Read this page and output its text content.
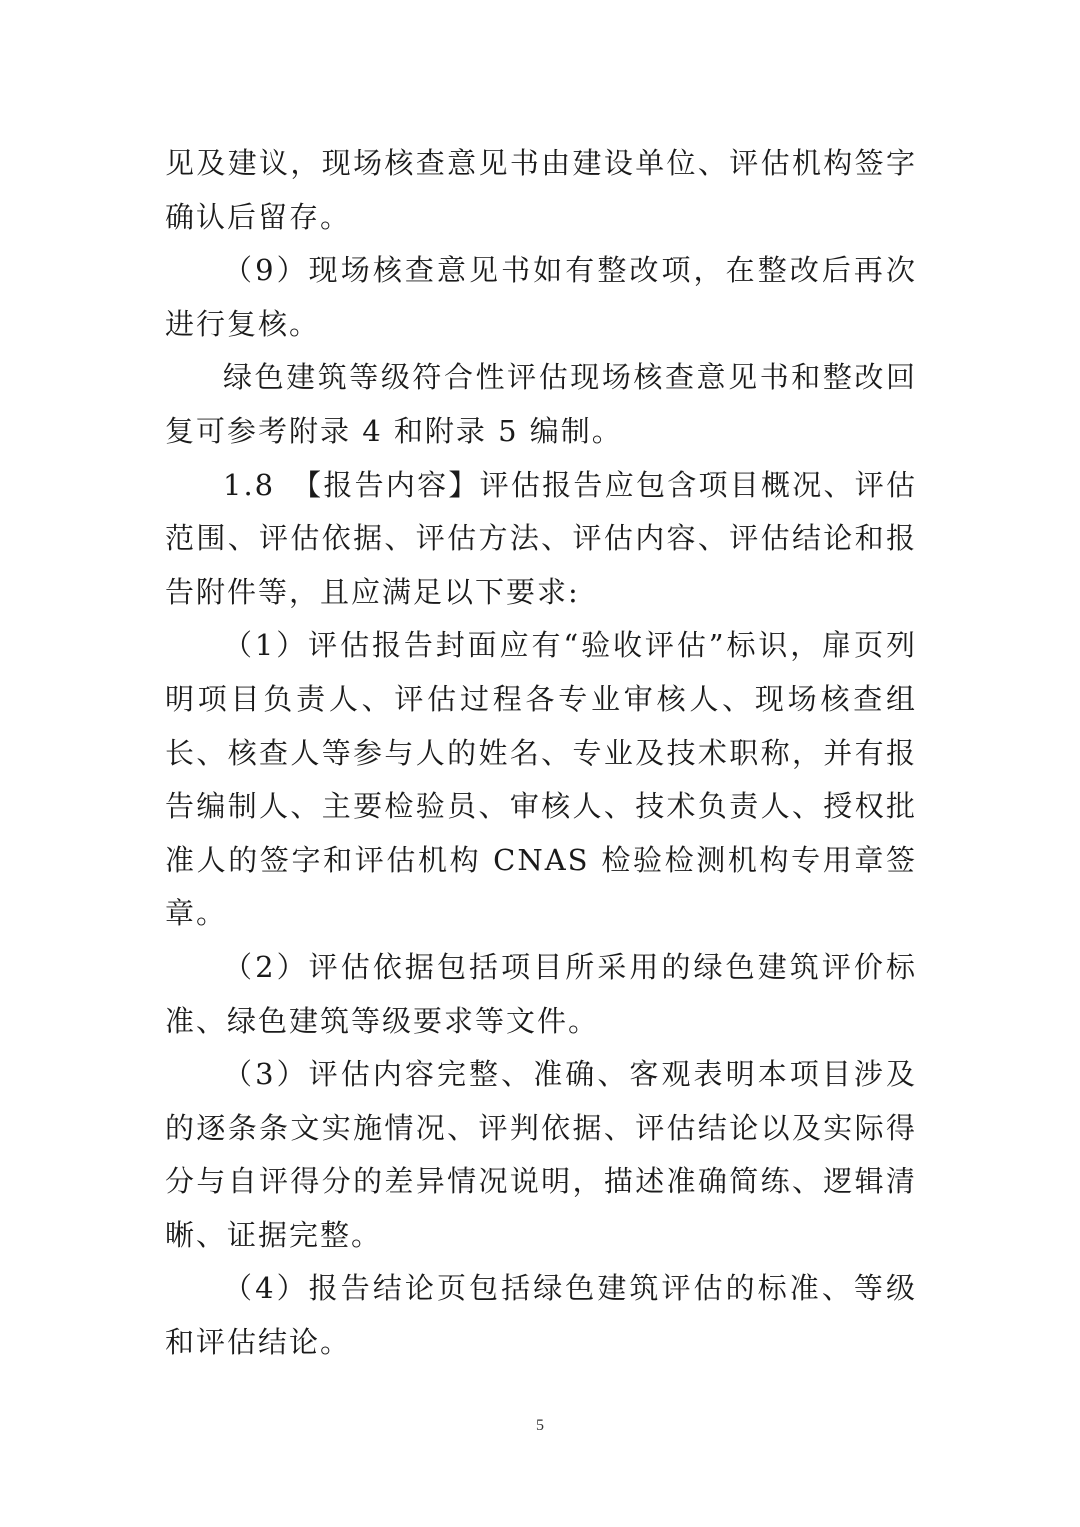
见及建议，现场核查意见书由建设单位、评估机构签字确认后留存。

（9）现场核查意见书如有整改项，在整改后再次进行复核。

绿色建筑等级符合性评估现场核查意见书和整改回复可参考附录 4 和附录 5 编制。

1.8　【报告内容】评估报告应包含项目概况、评估范围、评估依据、评估方法、评估内容、评估结论和报告附件等，且应满足以下要求:

（1）评估报告封面应有“验收评估”标识，扉页列明项目负责人、评估过程各专业审核人、现场核查组长、核查人等参与人的姓名、专业及技术职称，并有报告编制人、主要检验员、审核人、技术负责人、授权批准人的签字和评估机构 CNAS 检验检测机构专用章签章。

（2）评估依据包括项目所采用的绿色建筑评价标准、绿色建筑等级要求等文件。

（3）评估内容完整、准确、客观表明本项目涉及的逐条条文实施情况、评判依据、评估结论以及实际得分与自评得分的差异情况说明，描述准确简练、逻辑清晰、证据完整。

（4）报告结论页包括绿色建筑评估的标准、等级和评估结论。

5
